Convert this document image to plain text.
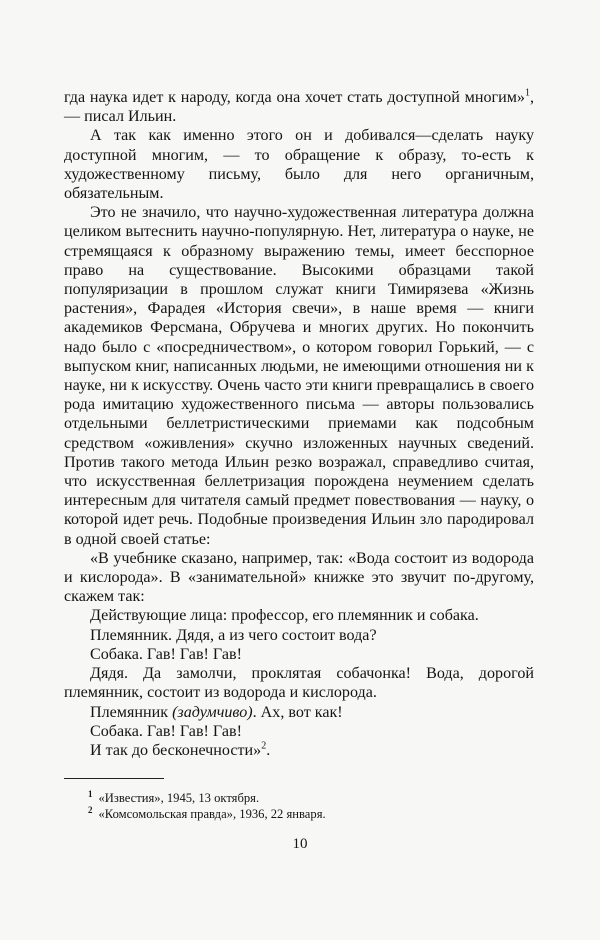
гда наука идет к народу, когда она хочет стать доступной многим»$^1$, — писал Ильин.

А так как именно этого он и добивался—сделать науку доступной многим, — то обращение к образу, то-есть к художественному письму, было для него органичным, обязательным.

Это не значило, что научно-художественная литература должна целиком вытеснить научно-популярную. Нет, литература о науке, не стремящаяся к образному выражению темы, имеет бесспорное право на существование. Высокими образцами такой популяризации в прошлом служат книги Тимирязева «Жизнь растения», Фарадея «История свечи», в наше время — книги академиков Ферсмана, Обручева и многих других. Но покончить надо было с «посредничеством», о котором говорил Горький, — с выпуском книг, написанных людьми, не имеющими отношения ни к науке, ни к искусству. Очень часто эти книги превращались в своего рода имитацию художественного письма — авторы пользовались отдельными беллетристическими приемами как подсобным средством «оживления» скучно изложенных научных сведений. Против такого метода Ильин резко возражал, справедливо считая, что искусственная беллетризация порождена неумением сделать интересным для читателя самый предмет повествования — науку, о которой идет речь. Подобные произведения Ильин зло пародировал в одной своей статье:

«В учебнике сказано, например, так: «Вода состоит из водорода и кислорода». В «занимательной» книжке это звучит по-другому, скажем так:

Действующие лица: профессор, его племянник и собака.

Племянник. Дядя, а из чего состоит вода?

Собака. Гав! Гав! Гав!

Дядя. Да замолчи, проклятая собачонка! Вода, дорогой племянник, состоит из водорода и кислорода.

Племянник (задумчиво). Ах, вот как!

Собака. Гав! Гав! Гав!

И так до бесконечности»$^2$.

$^1$ «Известия», 1945, 13 октября.
$^2$ «Комсомольская правда», 1936, 22 января.
10
